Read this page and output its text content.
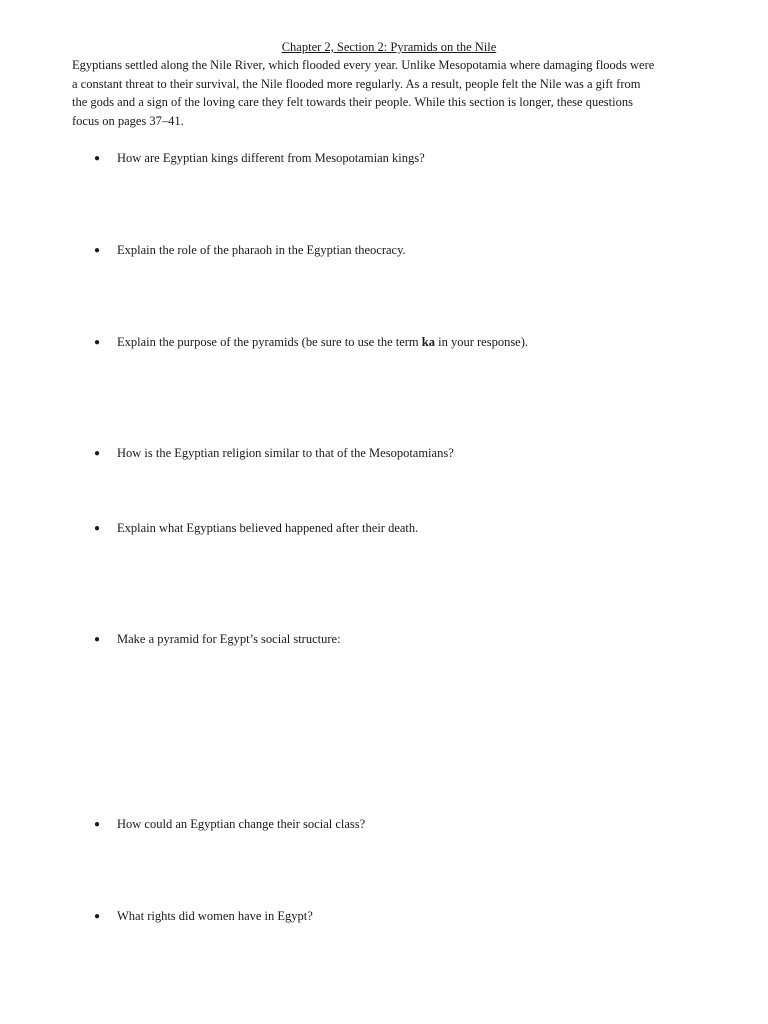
Chapter 2, Section 2: Pyramids on the Nile

Egyptians settled along the Nile River, which flooded every year. Unlike Mesopotamia where damaging floods were

a constant threat to their survival, the Nile flooded more regularly. As a result, people felt the Nile was a gift from

the gods and a sign of the loving care they felt towards their people. While this section is longer, these questions

focus on pages 37–41.

● How are Egyptian kings different from Mesopotamian kings?
● Explain the role of the pharaoh in the Egyptian theocracy.
● Explain the purpose of the pyramids (be sure to use the term ka in your response).
● How is the Egyptian religion similar to that of the Mesopotamians?
● Explain what Egyptians believed happened after their death.
● Make a pyramid for Egypt’s social structure:
● How could an Egyptian change their social class?
● What rights did women have in Egypt?
